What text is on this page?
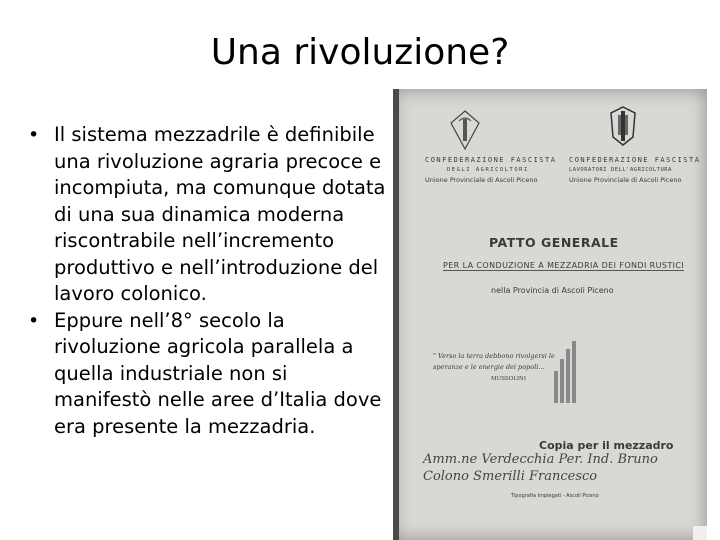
Una rivoluzione?
• Il sistema mezzadrile è definibile una rivoluzione agraria precoce e incompiuta, ma comunque dotata di una sua dinamica moderna riscontrabile nell’incremento produttivo e nell’introduzione del lavoro colonico.
• Eppure nell’8° secolo la rivoluzione agricola parallela a quella industriale non si manifestò nelle aree d’Italia dove era presente la mezzadria.
CONFEDERAZIONE FASCISTA
DEGLI AGRICOLTORI
Unione Provinciale di Ascoli Piceno
CONFEDERAZIONE FASCISTA
LAVORATORI DELL'AGRICOLTURA
Unione Provinciale di Ascoli Piceno
PATTO GENERALE
PER LA CONDUZIONE A MEZZADRIA DEI FONDI RUSTICI
nella Provincia di Ascoli Piceno
" Verso la terra debbono rivolgersi le speranze e le energie dei popoli...
MUSSOLINI
Copia per il mezzadro
Amm.ne Verdecchia Per. Ind. Bruno
Colono Smerilli Francesco
Tipografia Impiegati - Ascoli Piceno
